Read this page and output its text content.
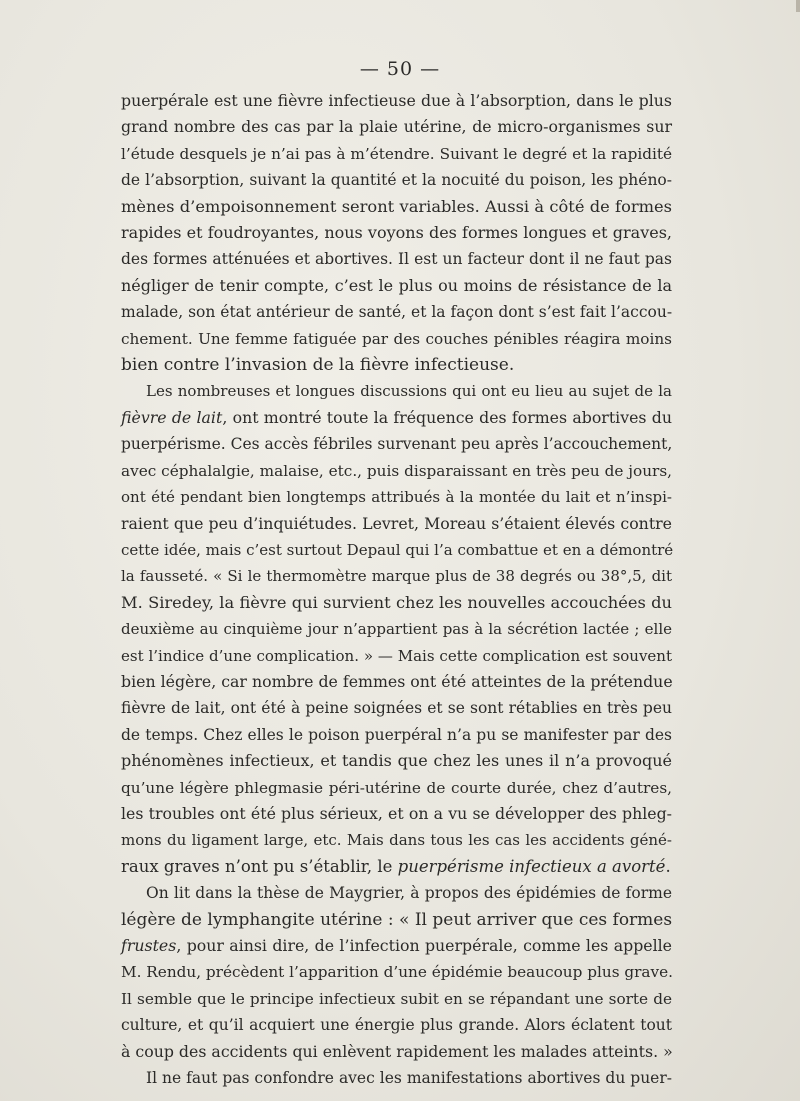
— 50 —
puerpérale est une fièvre infectieuse due à l’absorption, dans le plus
grand nombre des cas par la plaie utérine, de micro-organismes sur
l’étude desquels je n’ai pas à m’étendre. Suivant le degré et la rapidité
de l’absorption, suivant la quantité et la nocuité du poison, les phéno-
mènes d’empoisonnement seront variables. Aussi à côté de formes
rapides et foudroyantes, nous voyons des formes longues et graves,
des formes atténuées et abortives. Il est un facteur dont il ne faut pas
négliger de tenir compte, c’est le plus ou moins de résistance de la
malade, son état antérieur de santé, et la façon dont s’est fait l’accou-
chement. Une femme fatiguée par des couches pénibles réagira moins
bien contre l’invasion de la fièvre infectieuse.
Les nombreuses et longues discussions qui ont eu lieu au sujet de la
fièvre de lait, ont montré toute la fréquence des formes abortives du
puerpérisme. Ces accès fébriles survenant peu après l’accouchement,
avec céphalalgie, malaise, etc., puis disparaissant en très peu de jours,
ont été pendant bien longtemps attribués à la montée du lait et n’inspi-
raient que peu d’inquiétudes. Levret, Moreau s’étaient élevés contre
cette idée, mais c’est surtout Depaul qui l’a combattue et en a démontré
la fausseté. « Si le thermomètre marque plus de 38 degrés ou 38°,5, dit
M. Siredey, la fièvre qui survient chez les nouvelles accouchées du
deuxième au cinquième jour n’appartient pas à la sécrétion lactée ; elle
est l’indice d’une complication. » — Mais cette complication est souvent
bien légère, car nombre de femmes ont été atteintes de la prétendue
fièvre de lait, ont été à peine soignées et se sont rétablies en très peu
de temps. Chez elles le poison puerpéral n’a pu se manifester par des
phénomènes infectieux, et tandis que chez les unes il n’a provoqué
qu’une légère phlegmasie péri-utérine de courte durée, chez d’autres,
les troubles ont été plus sérieux, et on a vu se développer des phleg-
mons du ligament large, etc. Mais dans tous les cas les accidents géné-
raux graves n’ont pu s’établir, le puerpérisme infectieux a avorté.
On lit dans la thèse de Maygrier, à propos des épidémies de forme
légère de lymphangite utérine : « Il peut arriver que ces formes
frustes, pour ainsi dire, de l’infection puerpérale, comme les appelle
M. Rendu, précèdent l’apparition d’une épidémie beaucoup plus grave.
Il semble que le principe infectieux subit en se répandant une sorte de
culture, et qu’il acquiert une énergie plus grande. Alors éclatent tout
à coup des accidents qui enlèvent rapidement les malades atteints. »
Il ne faut pas confondre avec les manifestations abortives du puer-
